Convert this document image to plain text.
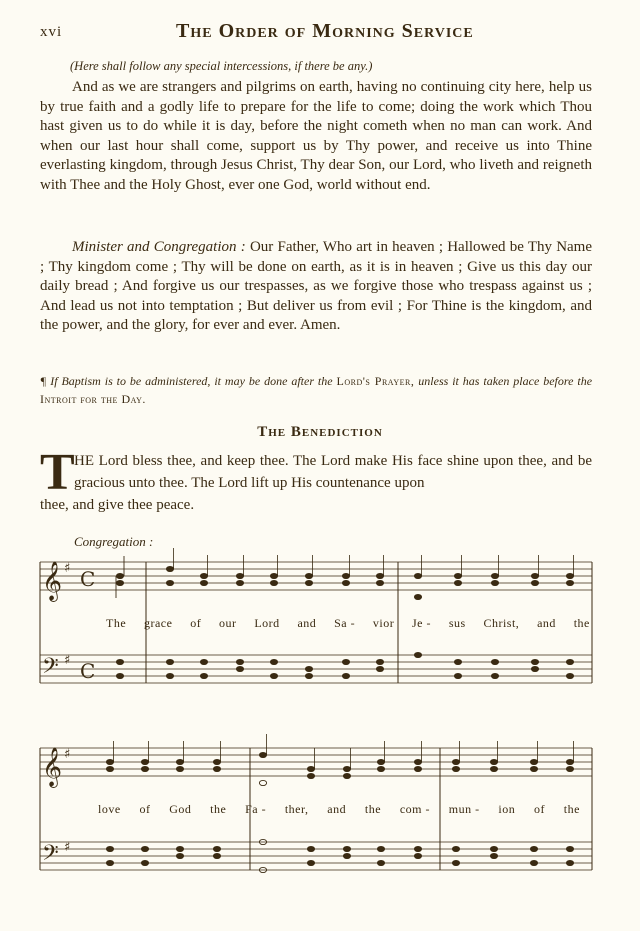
xvi	The Order of Morning Service
(Here shall follow any special intercessions, if there be any.)
And as we are strangers and pilgrims on earth, having no continuing city here, help us by true faith and a godly life to prepare for the life to come; doing the work which Thou hast given us to do while it is day, before the night cometh when no man can work. And when our last hour shall come, support us by Thy power, and receive us into Thine everlasting kingdom, through Jesus Christ, Thy dear Son, our Lord, who liveth and reigneth with Thee and the Holy Ghost, ever one God, world without end.
Minister and Congregation : Our Father, Who art in heaven ; Hallowed be Thy Name ; Thy kingdom come ; Thy will be done on earth, as it is in heaven ; Give us this day our daily bread ; And forgive us our trespasses, as we forgive those who trespass against us ; And lead us not into temptation ; But deliver us from evil ; For Thine is the kingdom, and the power, and the glory, for ever and ever. Amen.
¶ If Baptism is to be administered, it may be done after the Lord's Prayer, unless it has taken place before the Introit for the Day.
The Benediction
T HE Lord bless thee, and keep thee. The Lord make His face shine upon thee, and be gracious unto thee. The Lord lift up His countenance upon
thee, and give thee peace.
Congregation :
𝄞
𝄢
𝄞
𝄢
♯
♯
♯
♯
C
C
The grace of our Lord and Sa - vior Je - sus Christ, and the
love of God the Fa - ther, and the com - mun - ion of the
